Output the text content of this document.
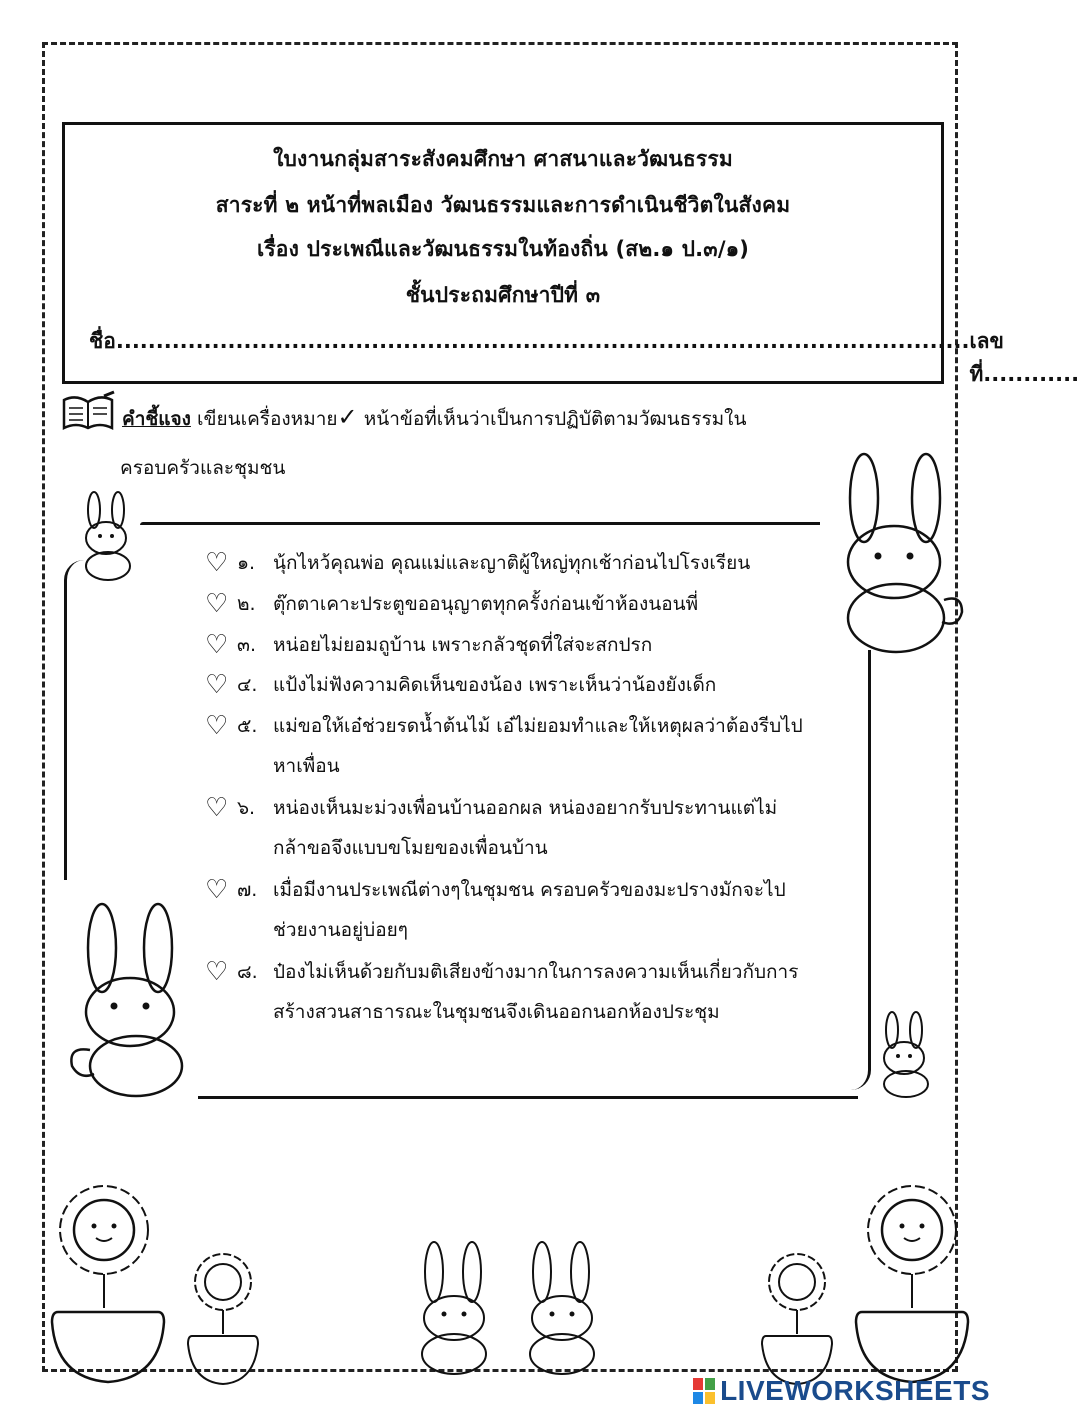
ใบงานกลุ่มสาระสังคมศึกษา ศาสนาและวัฒนธรรม
สาระที่ ๒ หน้าที่พลเมือง วัฒนธรรมและการดำเนินชีวิตในสังคม
เรื่อง ประเพณีและวัฒนธรรมในท้องถิ่น (ส๒.๑ ป.๓/๑)
ชั้นประถมศึกษาปีที่ ๓
ชื่อ........................................................................................................... เลขที่............
คำชี้แจง เขียนเครื่องหมาย✓ หน้าข้อที่เห็นว่าเป็นการปฏิบัติตามวัฒนธรรมใน
ครอบครัวและชุมชน
♡ ๑. นุ้กไหว้คุณพ่อ คุณแม่และญาติผู้ใหญ่ทุกเช้าก่อนไปโรงเรียน
♡ ๒. ตุ๊กตาเคาะประตูขออนุญาตทุกครั้งก่อนเข้าห้องนอนพี่
♡ ๓. หน่อยไม่ยอมถูบ้าน เพราะกลัวชุดที่ใส่จะสกปรก
♡ ๔. แป้งไม่ฟังความคิดเห็นของน้อง เพราะเห็นว่าน้องยังเด็ก
♡ ๕. แม่ขอให้เอ๋ช่วยรดน้ำต้นไม้ เอ๋ไม่ยอมทำและให้เหตุผลว่าต้องรีบไป
หาเพื่อน
♡ ๖. หน่องเห็นมะม่วงเพื่อนบ้านออกผล หน่องอยากรับประทานแต่ไม่
กล้าขอจึงแบบขโมยของเพื่อนบ้าน
♡ ๗. เมื่อมีงานประเพณีต่างๆในชุมชน ครอบครัวของมะปรางมักจะไป
ช่วยงานอยู่บ่อยๆ
♡ ๘. ป๋องไม่เห็นด้วยกับมติเสียงข้างมากในการลงความเห็นเกี่ยวกับการ
สร้างสวนสาธารณะในชุมชนจึงเดินออกนอกห้องประชุม
LIVEWORKSHEETS
